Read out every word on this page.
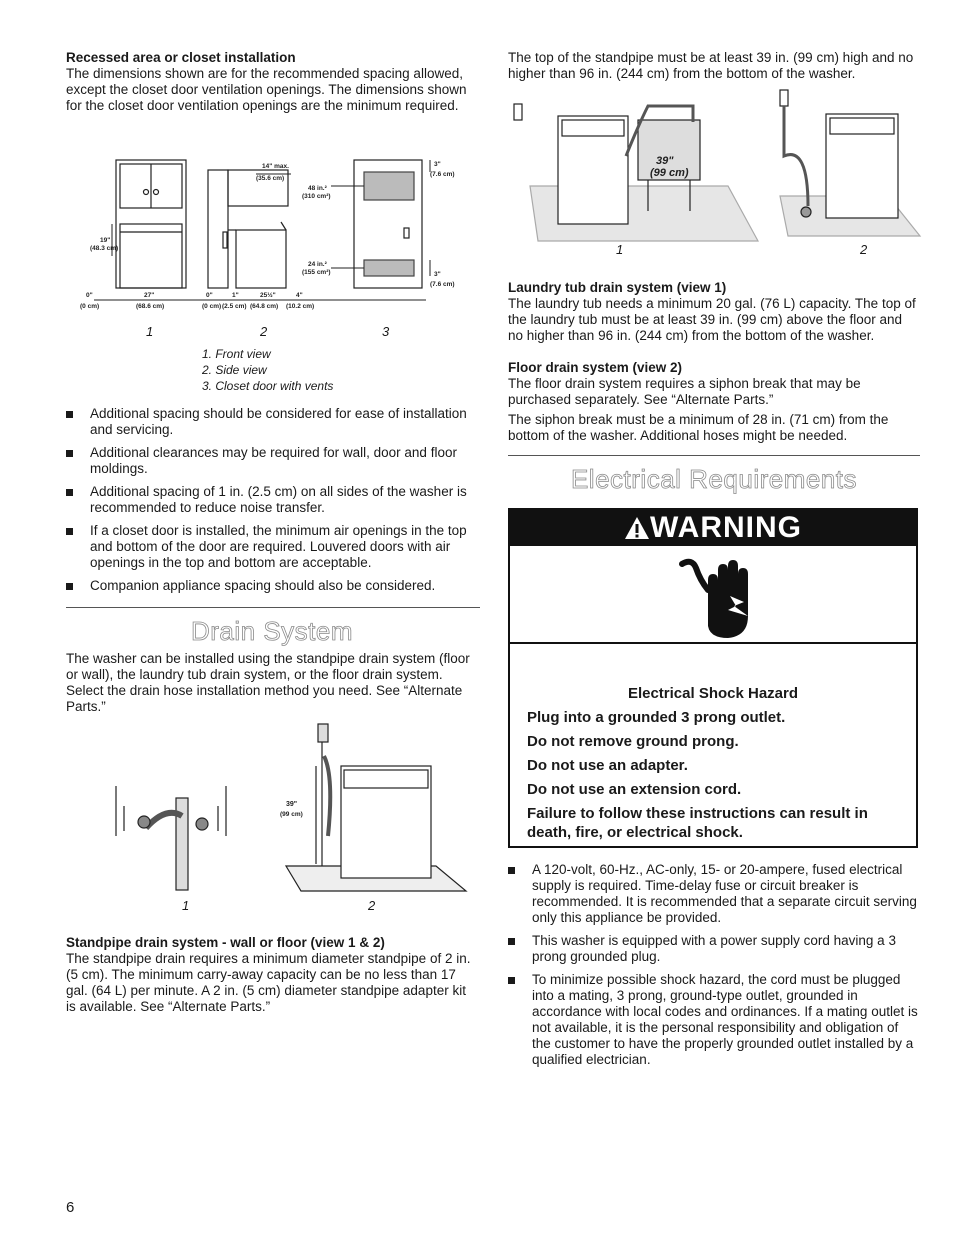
Recessed area or closet installation

The dimensions shown are for the recommended spacing allowed, except the closet door ventilation openings. The dimensions shown for the closet door ventilation openings are the minimum required.

14" max.
(35.6 cm)
48 in.²
(310 cm²)
24 in.²
(155 cm²)
19"
(48.3 cm)
3"
(7.6 cm)
3"
(7.6 cm)
0"
(0 cm)
27"
(68.6 cm)
0"
(0 cm)
1"
(2.5 cm)
25½"
(64.8 cm)
4"
(10.2 cm)
1	2	3
1. Front view
2. Side view
3. Closet door with vents
Additional spacing should be considered for ease of installation and servicing.
Additional clearances may be required for wall, door and floor moldings.
Additional spacing of 1 in. (2.5 cm) on all sides of the washer is recommended to reduce noise transfer.
If a closet door is installed, the minimum air openings in the top and bottom of the door are required. Louvered doors with air openings in the top and bottom are acceptable.
Companion appliance spacing should also be considered.
Drain System

The washer can be installed using the standpipe drain system (floor or wall), the laundry tub drain system, or the floor drain system. Select the drain hose installation method you need. See “Alternate Parts.”

39"
(99 cm)
1	2

Standpipe drain system - wall or floor (view 1 & 2)

The standpipe drain requires a minimum diameter standpipe of 2 in. (5 cm). The minimum carry-away capacity can be no less than 17 gal. (64 L) per minute. A 2 in. (5 cm) diameter standpipe adapter kit is available. See “Alternate Parts.”

6

The top of the standpipe must be at least 39 in. (99 cm) high and no higher than 96 in. (244 cm) from the bottom of the washer.

39"
(99 cm)
1	2

Laundry tub drain system (view 1)

The laundry tub needs a minimum 20 gal. (76 L) capacity. The top of the laundry tub must be at least 39 in. (99 cm) above the floor and no higher than 96 in. (244 cm) from the bottom of the washer.

Floor drain system (view 2)

The floor drain system requires a siphon break that may be purchased separately. See “Alternate Parts.”

The siphon break must be a minimum of 28 in. (71 cm) from the bottom of the washer. Additional hoses might be needed.

Electrical Requirements
A 120-volt, 60-Hz., AC-only, 15- or 20-ampere, fused electrical supply is required. Time-delay fuse or circuit breaker is recommended. It is recommended that a separate circuit serving only this appliance be provided.
This washer is equipped with a power supply cord having a 3 prong grounded plug.
To minimize possible shock hazard, the cord must be plugged into a mating, 3 prong, ground-type outlet, grounded in accordance with local codes and ordinances. If a mating outlet is not available, it is the personal responsibility and obligation of the customer to have the properly grounded outlet installed by a qualified electrician.
WARNING
Electrical Shock Hazard
Plug into a grounded 3 prong outlet.
Do not remove ground prong.
Do not use an adapter.
Do not use an extension cord.
Failure to follow these instructions can result in death, fire, or electrical shock.
